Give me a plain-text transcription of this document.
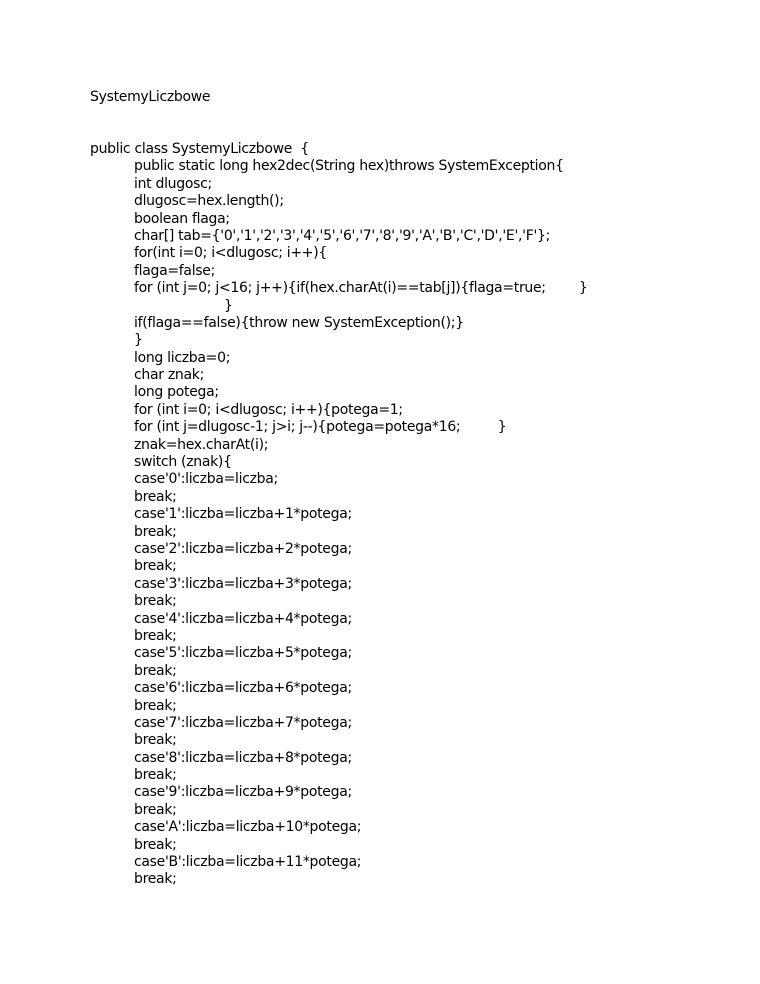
SystemyLiczbowe
public class SystemyLiczbowe  {
public static long hex2dec(String hex)throws SystemException{
int dlugosc;
dlugosc=hex.length();
boolean flaga;
char[] tab={'0','1','2','3','4','5','6','7','8','9','A','B','C','D','E','F'};
for(int i=0; i<dlugosc; i++){
flaga=false;
for (int j=0; j<16; j++){if(hex.charAt(i)==tab[j]){flaga=true;        }
}
if(flaga==false){throw new SystemException();}
}
long liczba=0;
char znak;
long potega;
for (int i=0; i<dlugosc; i++){potega=1;
for (int j=dlugosc-1; j>i; j--){potega=potega*16;         }
znak=hex.charAt(i);
switch (znak){
case'0':liczba=liczba;
break;
case'1':liczba=liczba+1*potega;
break;
case'2':liczba=liczba+2*potega;
break;
case'3':liczba=liczba+3*potega;
break;
case'4':liczba=liczba+4*potega;
break;
case'5':liczba=liczba+5*potega;
break;
case'6':liczba=liczba+6*potega;
break;
case'7':liczba=liczba+7*potega;
break;
case'8':liczba=liczba+8*potega;
break;
case'9':liczba=liczba+9*potega;
break;
case'A':liczba=liczba+10*potega;
break;
case'B':liczba=liczba+11*potega;
break;
